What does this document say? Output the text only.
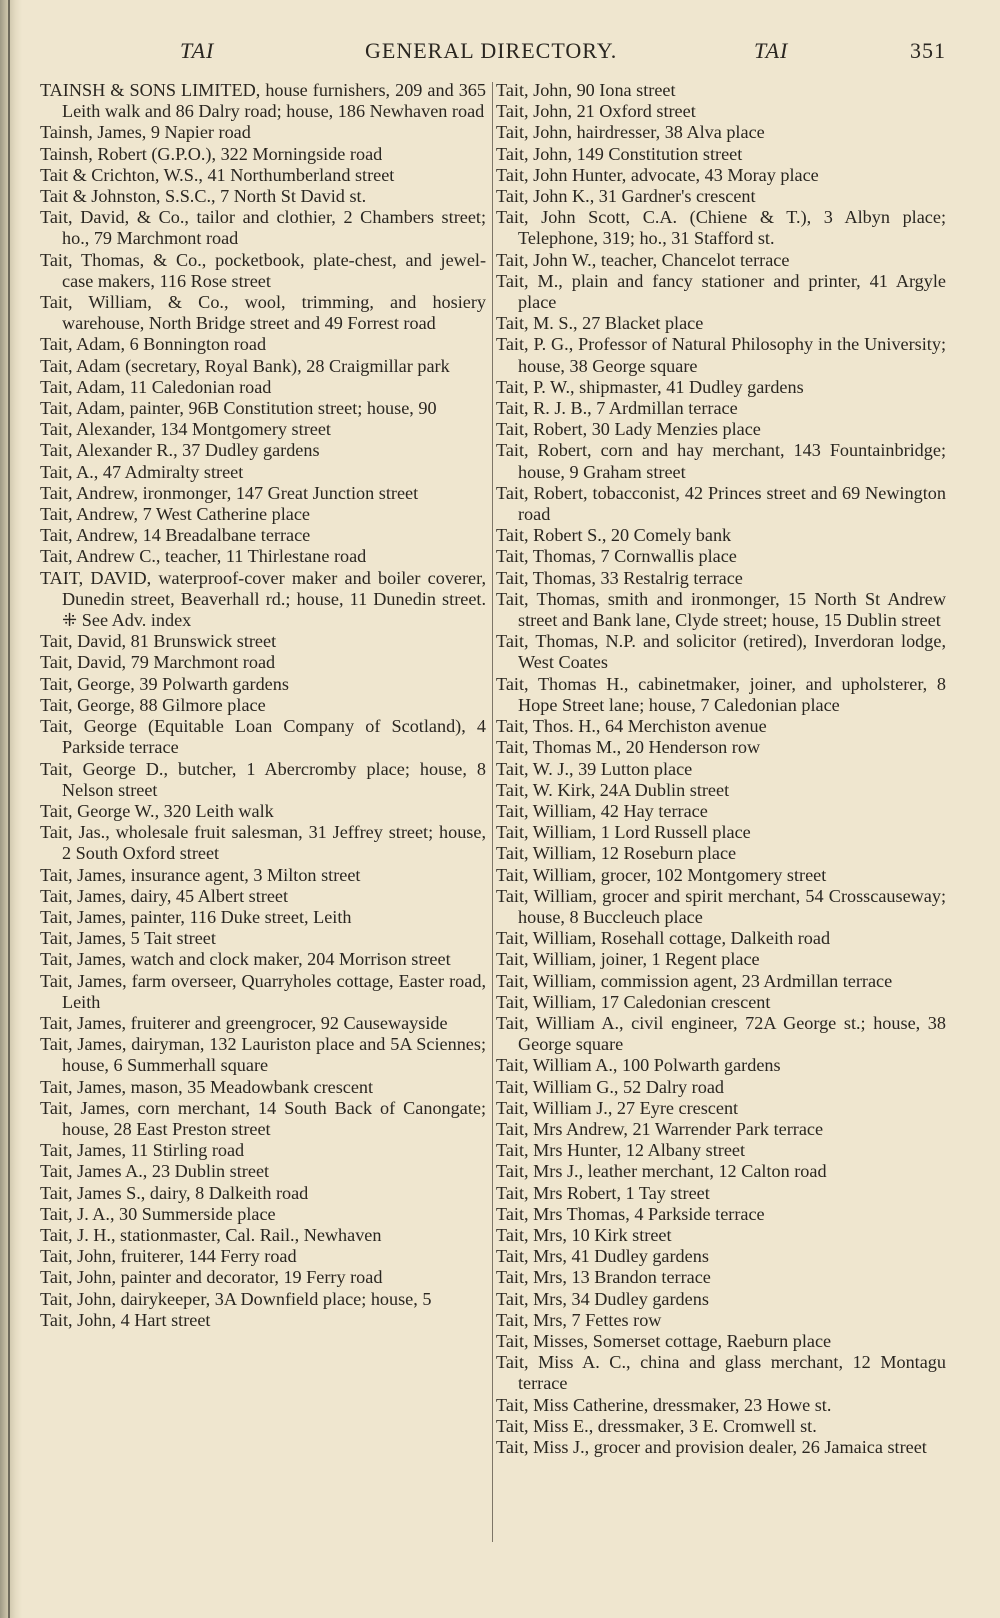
TAI	GENERAL DIRECTORY.	TAI	351

TAINSH & SONS LIMITED, house furnishers, 209 and 365 Leith walk and 86 Dalry road; house, 186 Newhaven road

Tainsh, James, 9 Napier road

Tainsh, Robert (G.P.O.), 322 Morningside road

Tait & Crichton, W.S., 41 Northumberland street

Tait & Johnston, S.S.C., 7 North St David st.

Tait, David, & Co., tailor and clothier, 2 Chambers street; ho., 79 Marchmont road

Tait, Thomas, & Co., pocketbook, plate-chest, and jewel-case makers, 116 Rose street

Tait, William, & Co., wool, trimming, and hosiery warehouse, North Bridge street and 49 Forrest road

Tait, Adam, 6 Bonnington road

Tait, Adam (secretary, Royal Bank), 28 Craigmillar park

Tait, Adam, 11 Caledonian road

Tait, Adam, painter, 96B Constitution street; house, 90

Tait, Alexander, 134 Montgomery street

Tait, Alexander R., 37 Dudley gardens

Tait, A., 47 Admiralty street

Tait, Andrew, ironmonger, 147 Great Junction street

Tait, Andrew, 7 West Catherine place

Tait, Andrew, 14 Breadalbane terrace

Tait, Andrew C., teacher, 11 Thirlestane road

TAIT, DAVID, waterproof-cover maker and boiler coverer, Dunedin street, Beaverhall rd.; house, 11 Dunedin street. ⁜ See Adv. index

Tait, David, 81 Brunswick street

Tait, David, 79 Marchmont road

Tait, George, 39 Polwarth gardens

Tait, George, 88 Gilmore place

Tait, George (Equitable Loan Company of Scotland), 4 Parkside terrace

Tait, George D., butcher, 1 Abercromby place; house, 8 Nelson street

Tait, George W., 320 Leith walk

Tait, Jas., wholesale fruit salesman, 31 Jeffrey street; house, 2 South Oxford street

Tait, James, insurance agent, 3 Milton street

Tait, James, dairy, 45 Albert street

Tait, James, painter, 116 Duke street, Leith

Tait, James, 5 Tait street

Tait, James, watch and clock maker, 204 Morrison street

Tait, James, farm overseer, Quarryholes cottage, Easter road, Leith

Tait, James, fruiterer and greengrocer, 92 Causewayside

Tait, James, dairyman, 132 Lauriston place and 5A Sciennes; house, 6 Summerhall square

Tait, James, mason, 35 Meadowbank crescent

Tait, James, corn merchant, 14 South Back of Canongate; house, 28 East Preston street

Tait, James, 11 Stirling road

Tait, James A., 23 Dublin street

Tait, James S., dairy, 8 Dalkeith road

Tait, J. A., 30 Summerside place

Tait, J. H., stationmaster, Cal. Rail., Newhaven

Tait, John, fruiterer, 144 Ferry road

Tait, John, painter and decorator, 19 Ferry road

Tait, John, dairykeeper, 3A Downfield place; house, 5

Tait, John, 4 Hart street

Tait, John, 90 Iona street

Tait, John, 21 Oxford street

Tait, John, hairdresser, 38 Alva place

Tait, John, 149 Constitution street

Tait, John Hunter, advocate, 43 Moray place

Tait, John K., 31 Gardner's crescent

Tait, John Scott, C.A. (Chiene & T.), 3 Albyn place; Telephone, 319; ho., 31 Stafford st.

Tait, John W., teacher, Chancelot terrace

Tait, M., plain and fancy stationer and printer, 41 Argyle place

Tait, M. S., 27 Blacket place

Tait, P. G., Professor of Natural Philosophy in the University; house, 38 George square

Tait, P. W., shipmaster, 41 Dudley gardens

Tait, R. J. B., 7 Ardmillan terrace

Tait, Robert, 30 Lady Menzies place

Tait, Robert, corn and hay merchant, 143 Fountainbridge; house, 9 Graham street

Tait, Robert, tobacconist, 42 Princes street and 69 Newington road

Tait, Robert S., 20 Comely bank

Tait, Thomas, 7 Cornwallis place

Tait, Thomas, 33 Restalrig terrace

Tait, Thomas, smith and ironmonger, 15 North St Andrew street and Bank lane, Clyde street; house, 15 Dublin street

Tait, Thomas, N.P. and solicitor (retired), Inverdoran lodge, West Coates

Tait, Thomas H., cabinetmaker, joiner, and upholsterer, 8 Hope Street lane; house, 7 Caledonian place

Tait, Thos. H., 64 Merchiston avenue

Tait, Thomas M., 20 Henderson row

Tait, W. J., 39 Lutton place

Tait, W. Kirk, 24A Dublin street

Tait, William, 42 Hay terrace

Tait, William, 1 Lord Russell place

Tait, William, 12 Roseburn place

Tait, William, grocer, 102 Montgomery street

Tait, William, grocer and spirit merchant, 54 Crosscauseway; house, 8 Buccleuch place

Tait, William, Rosehall cottage, Dalkeith road

Tait, William, joiner, 1 Regent place

Tait, William, commission agent, 23 Ardmillan terrace

Tait, William, 17 Caledonian crescent

Tait, William A., civil engineer, 72A George st.; house, 38 George square

Tait, William A., 100 Polwarth gardens

Tait, William G., 52 Dalry road

Tait, William J., 27 Eyre crescent

Tait, Mrs Andrew, 21 Warrender Park terrace

Tait, Mrs Hunter, 12 Albany street

Tait, Mrs J., leather merchant, 12 Calton road

Tait, Mrs Robert, 1 Tay street

Tait, Mrs Thomas, 4 Parkside terrace

Tait, Mrs, 10 Kirk street

Tait, Mrs, 41 Dudley gardens

Tait, Mrs, 13 Brandon terrace

Tait, Mrs, 34 Dudley gardens

Tait, Mrs, 7 Fettes row

Tait, Misses, Somerset cottage, Raeburn place

Tait, Miss A. C., china and glass merchant, 12 Montagu terrace

Tait, Miss Catherine, dressmaker, 23 Howe st.

Tait, Miss E., dressmaker, 3 E. Cromwell st.

Tait, Miss J., grocer and provision dealer, 26 Jamaica street
